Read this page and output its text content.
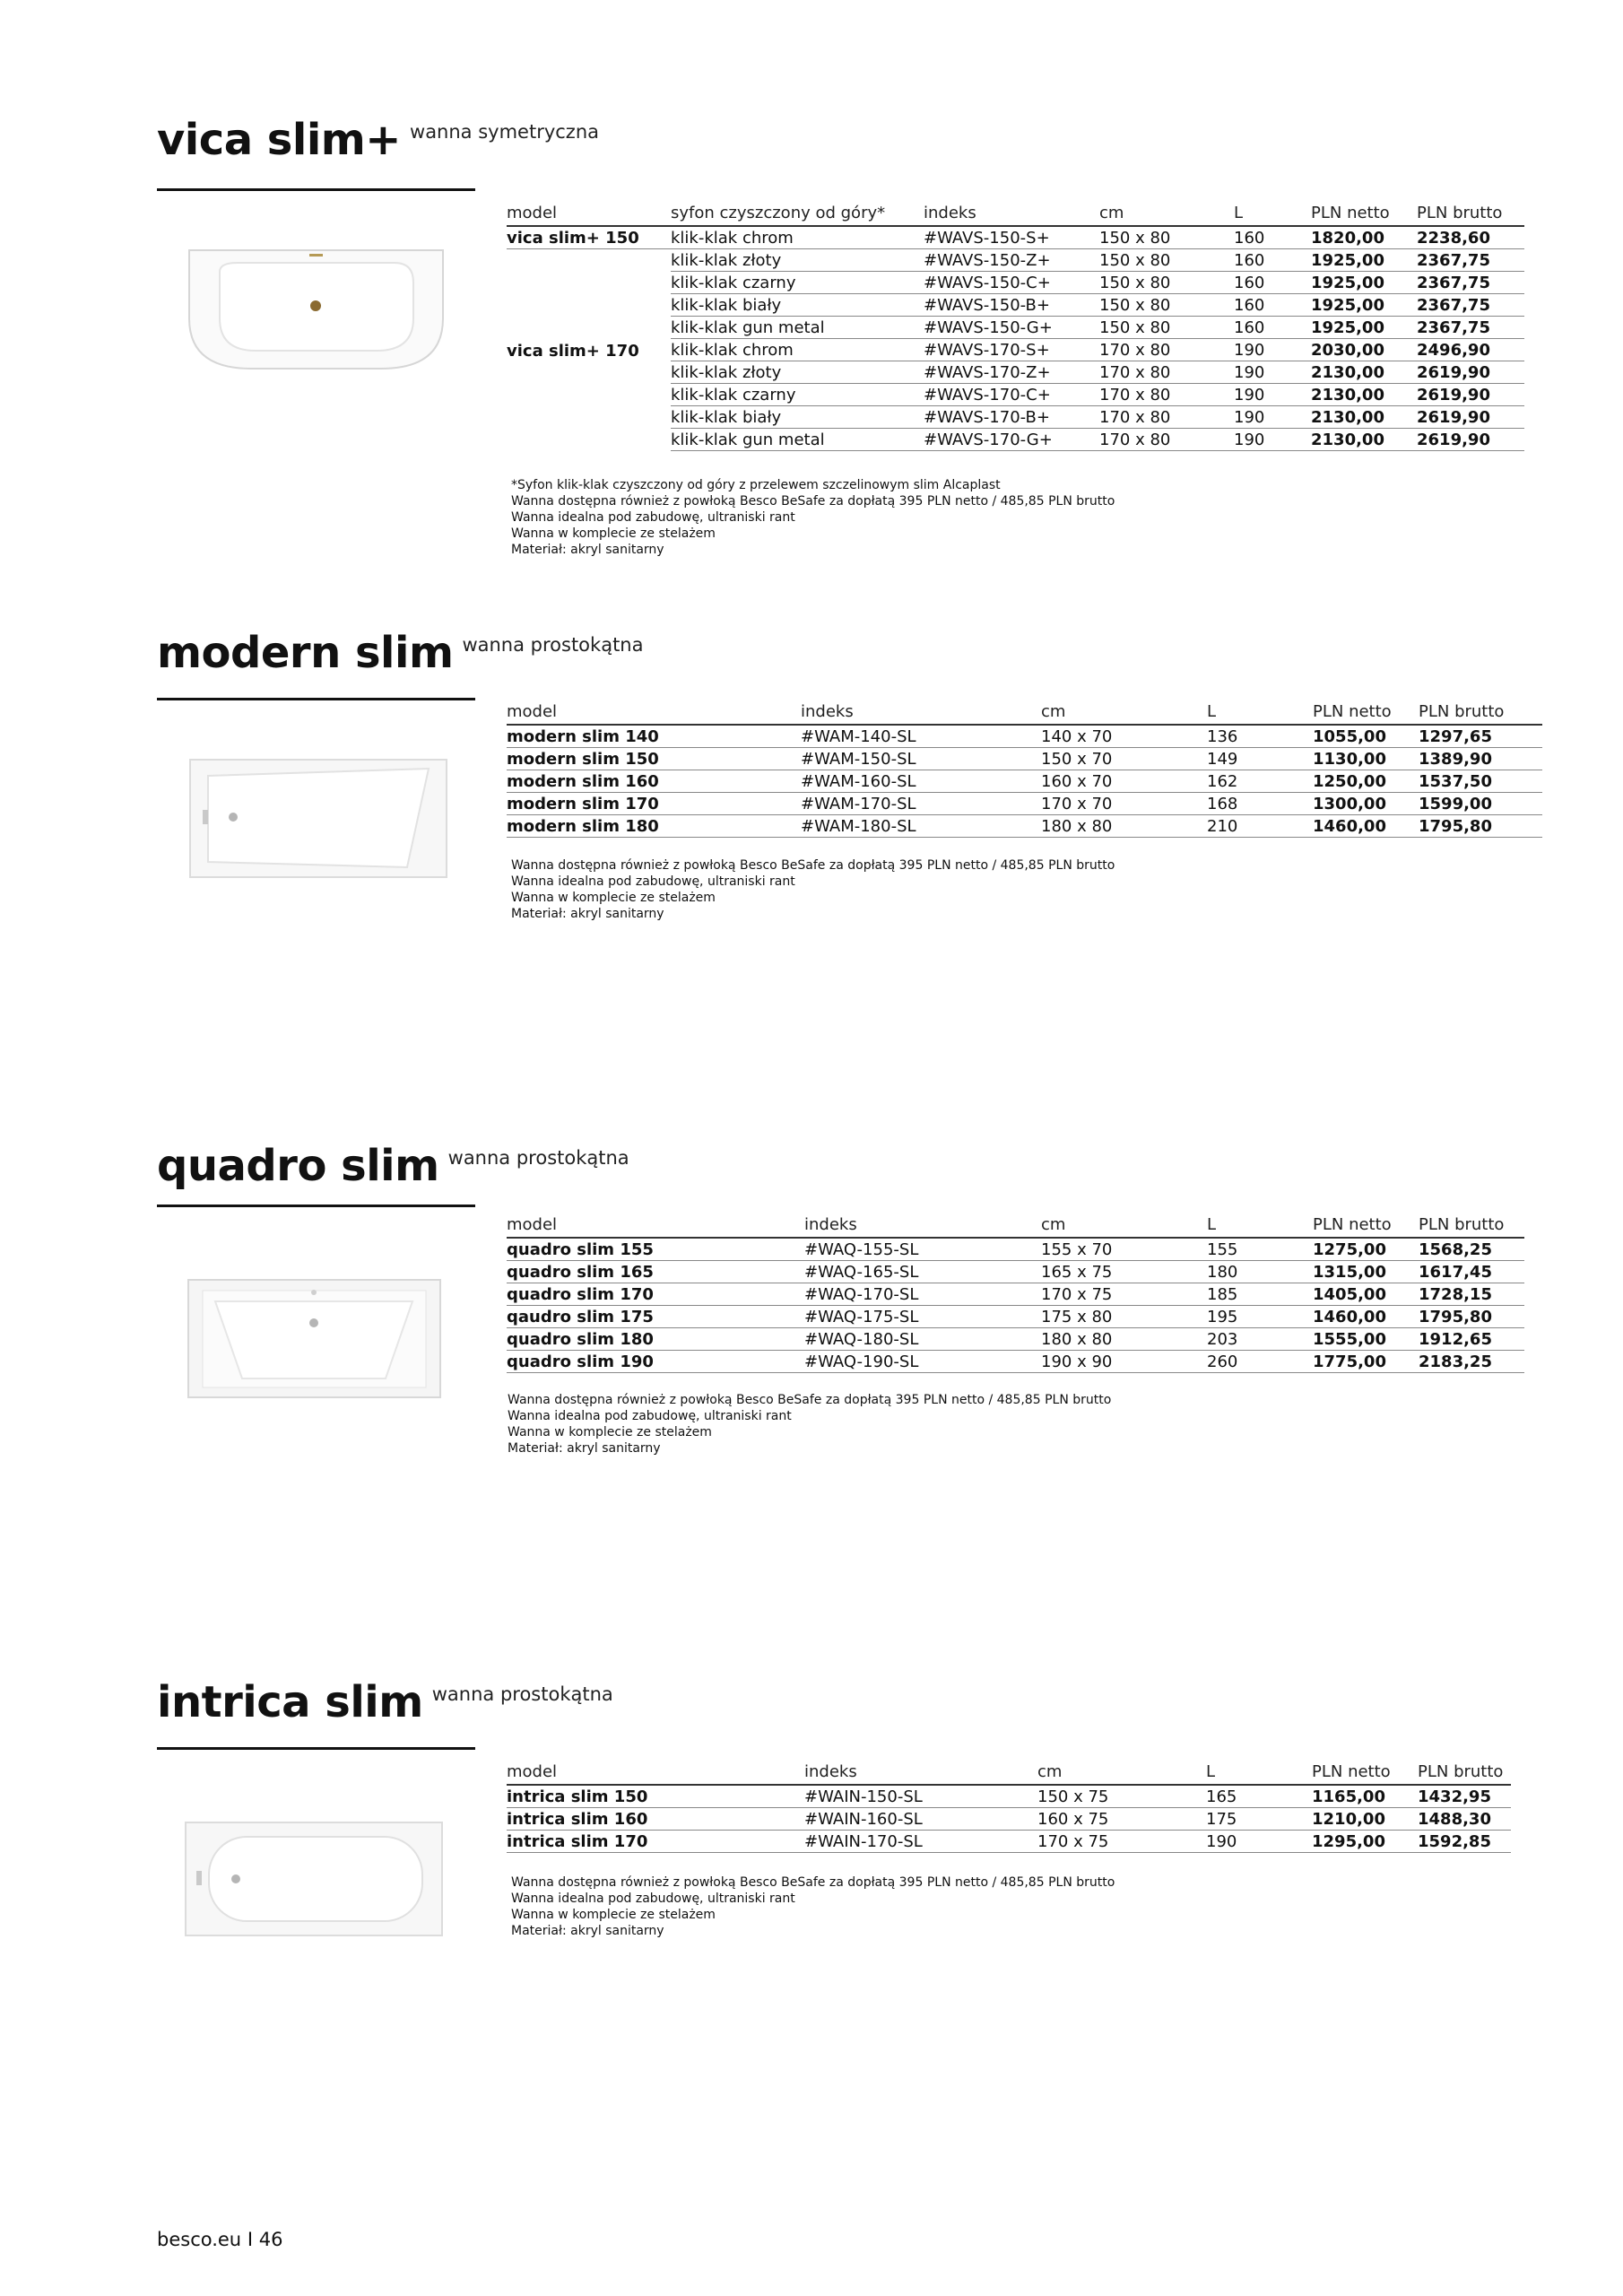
vica slim+ wanna symetryczna
model	syfon czyszczony od góry*	indeks	cm	L	PLN netto	PLN brutto
vica slim+ 150	klik-klak chrom	#WAVS-150-S+	150 x 80	160	1820,00	2238,60
	klik-klak złoty	#WAVS-150-Z+	150 x 80	160	1925,00	2367,75
	klik-klak czarny	#WAVS-150-C+	150 x 80	160	1925,00	2367,75
	klik-klak biały	#WAVS-150-B+	150 x 80	160	1925,00	2367,75
	klik-klak gun metal	#WAVS-150-G+	150 x 80	160	1925,00	2367,75
vica slim+ 170	klik-klak chrom	#WAVS-170-S+	170 x 80	190	2030,00	2496,90
	klik-klak złoty	#WAVS-170-Z+	170 x 80	190	2130,00	2619,90
	klik-klak czarny	#WAVS-170-C+	170 x 80	190	2130,00	2619,90
	klik-klak biały	#WAVS-170-B+	170 x 80	190	2130,00	2619,90
	klik-klak gun metal	#WAVS-170-G+	170 x 80	190	2130,00	2619,90
*Syfon klik-klak czyszczony od góry z przelewem szczelinowym slim Alcaplast
Wanna dostępna również z powłoką Besco BeSafe za dopłatą 395 PLN netto / 485,85 PLN brutto
Wanna idealna pod zabudowę, ultraniski rant
Wanna w komplecie ze stelażem
Materiał: akryl sanitarny
modern slim wanna prostokątna
model	indeks	cm	L	PLN netto	PLN brutto
modern slim 140	#WAM-140-SL	140 x 70	136	1055,00	1297,65
modern slim 150	#WAM-150-SL	150 x 70	149	1130,00	1389,90
modern slim 160	#WAM-160-SL	160 x 70	162	1250,00	1537,50
modern slim 170	#WAM-170-SL	170 x 70	168	1300,00	1599,00
modern slim 180	#WAM-180-SL	180 x 80	210	1460,00	1795,80
Wanna dostępna również z powłoką Besco BeSafe za dopłatą 395 PLN netto / 485,85 PLN brutto
Wanna idealna pod zabudowę, ultraniski rant
Wanna w komplecie ze stelażem
Materiał: akryl sanitarny
quadro slim wanna prostokątna
model	indeks	cm	L	PLN netto	PLN brutto
quadro slim 155	#WAQ-155-SL	155 x 70	155	1275,00	1568,25
quadro slim 165	#WAQ-165-SL	165 x 75	180	1315,00	1617,45
quadro slim 170	#WAQ-170-SL	170 x 75	185	1405,00	1728,15
qaudro slim 175	#WAQ-175-SL	175 x 80	195	1460,00	1795,80
quadro slim 180	#WAQ-180-SL	180 x 80	203	1555,00	1912,65
quadro slim 190	#WAQ-190-SL	190 x 90	260	1775,00	2183,25
Wanna dostępna również z powłoką Besco BeSafe za dopłatą 395 PLN netto / 485,85 PLN brutto
Wanna idealna pod zabudowę, ultraniski rant
Wanna w komplecie ze stelażem
Materiał: akryl sanitarny
intrica slim wanna prostokątna
model	indeks	cm	L	PLN netto	PLN brutto
intrica slim 150	#WAIN-150-SL	150 x 75	165	1165,00	1432,95
intrica slim 160	#WAIN-160-SL	160 x 75	175	1210,00	1488,30
intrica slim 170	#WAIN-170-SL	170 x 75	190	1295,00	1592,85
Wanna dostępna również z powłoką Besco BeSafe za dopłatą 395 PLN netto / 485,85 PLN brutto
Wanna idealna pod zabudowę, ultraniski rant
Wanna w komplecie ze stelażem
Materiał: akryl sanitarny
besco.eu I 46
